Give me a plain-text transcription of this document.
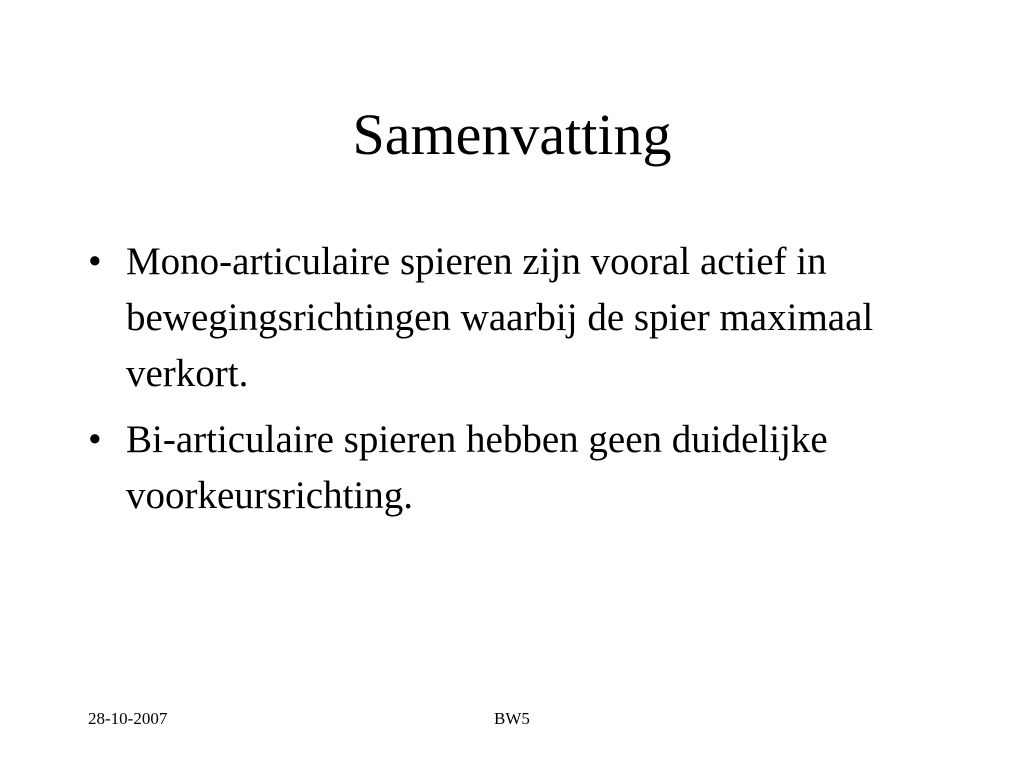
Samenvatting
• Mono-articulaire spieren zijn vooral actief in bewegingsrichtingen waarbij de spier maximaal verkort.
• Bi-articulaire spieren hebben geen duidelijke voorkeursrichting.
28-10-2007	BW5
